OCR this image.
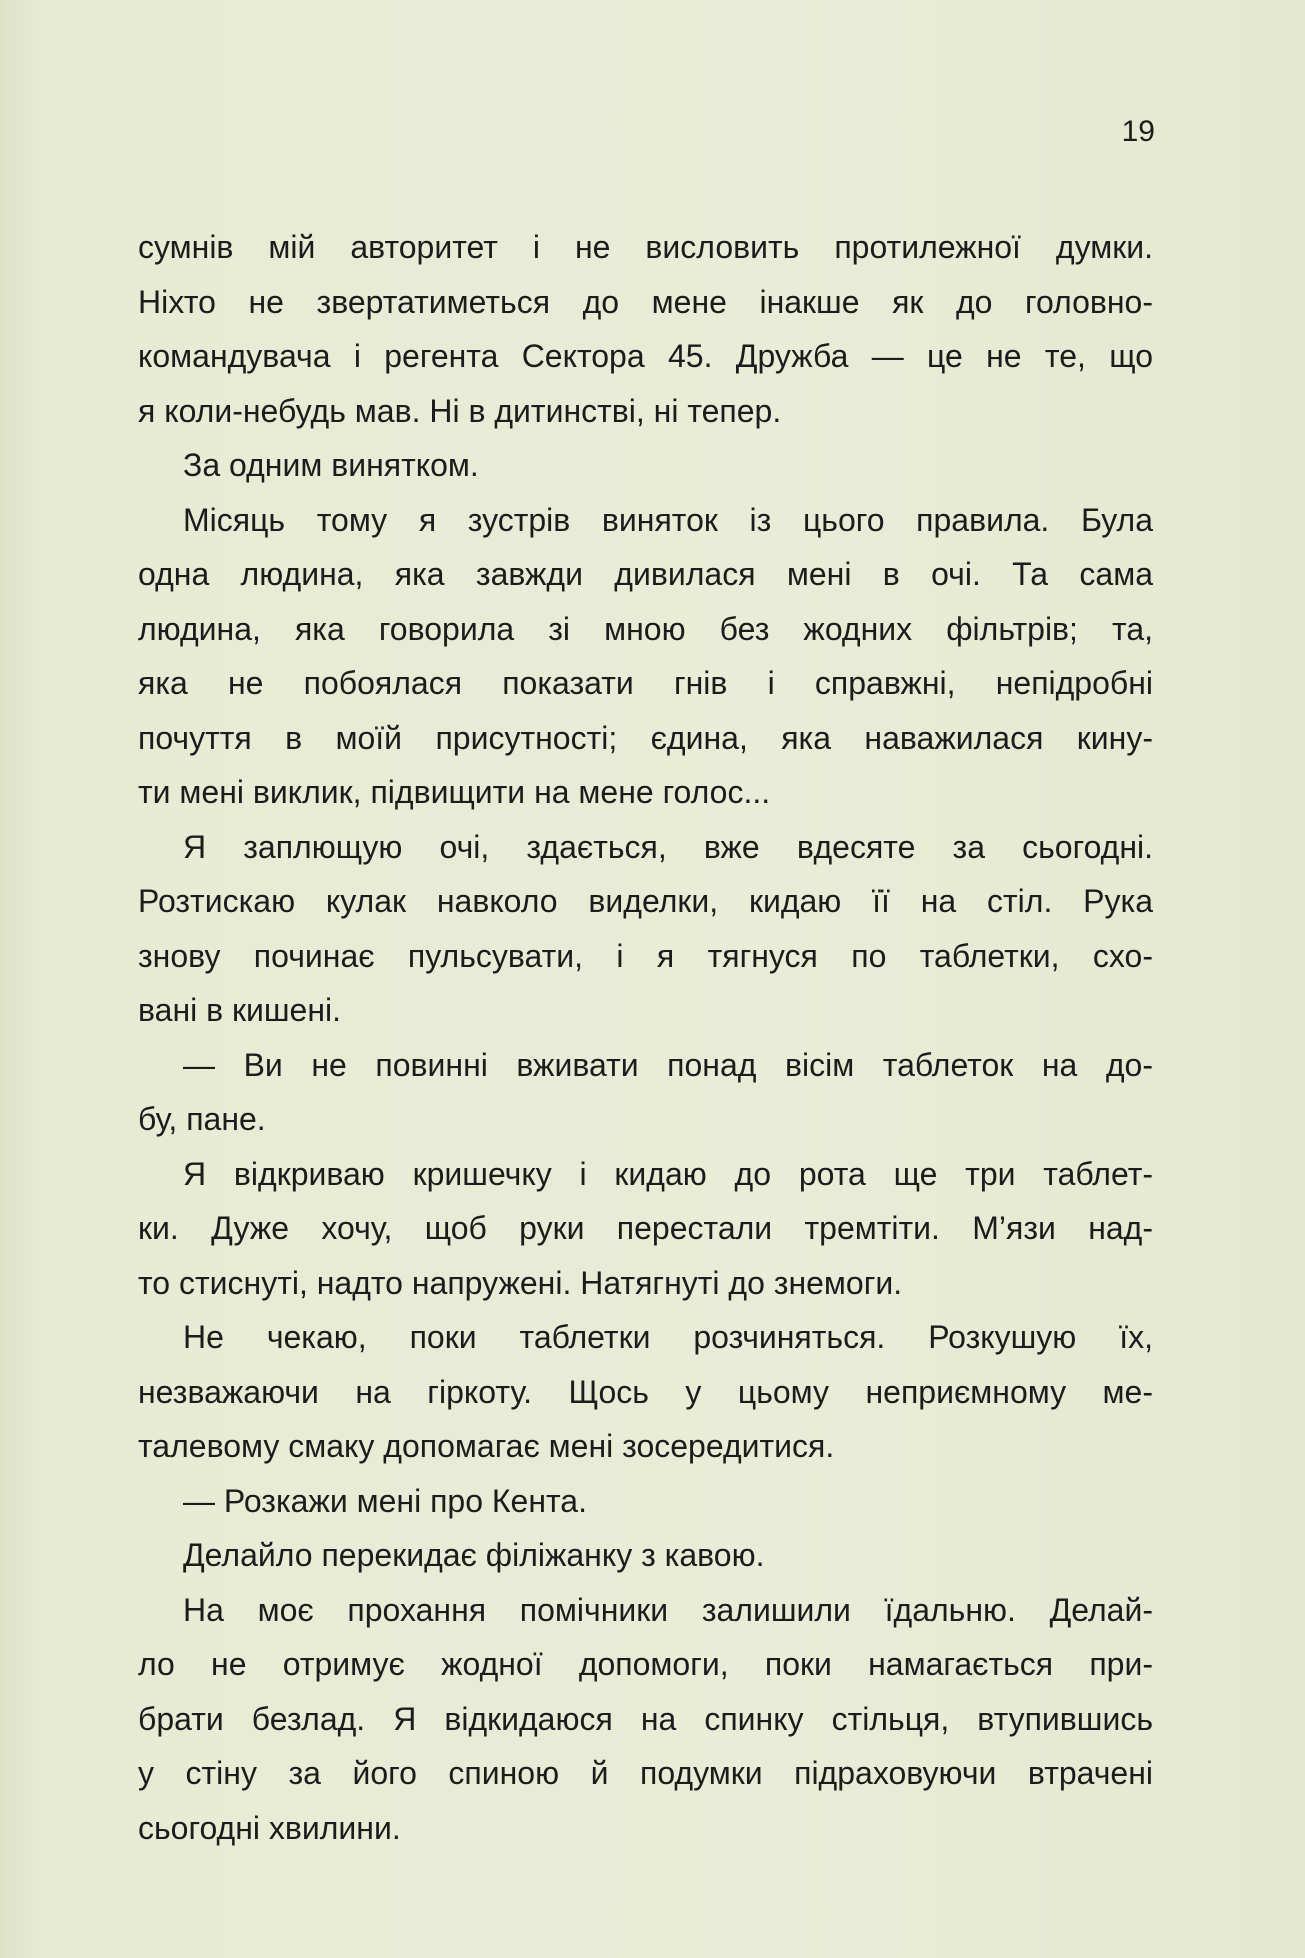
19
сумнів мій авторитет і не висловить протилежної думки.
Ніхто не звертатиметься до мене інакше як до головно-
командувача і регента Сектора 45. Дружба — це не те, що
я коли-небудь мав. Ні в дитинстві, ні тепер.
За одним винятком.
Місяць тому я зустрів виняток із цього правила. Була
одна людина, яка завжди дивилася мені в очі. Та сама
людина, яка говорила зі мною без жодних фільтрів; та,
яка не побоялася показати гнів і справжні, непідробні
почуття в моїй присутності; єдина, яка наважилася кину-
ти мені виклик, підвищити на мене голос...
Я заплющую очі, здається, вже вдесяте за сьогодні.
Розтискаю кулак навколо виделки, кидаю її на стіл. Рука
знову починає пульсувати, і я тягнуся по таблетки, схо-
вані в кишені.
— Ви не повинні вживати понад вісім таблеток на до-
бу, пане.
Я відкриваю кришечку і кидаю до рота ще три таблет-
ки. Дуже хочу, щоб руки перестали тремтіти. М’язи над-
то стиснуті, надто напружені. Натягнуті до знемоги.
Не чекаю, поки таблетки розчиняться. Розкушую їх,
незважаючи на гіркоту. Щось у цьому неприємному ме-
талевому смаку допомагає мені зосередитися.
— Розкажи мені про Кента.
Делайло перекидає філіжанку з кавою.
На моє прохання помічники залишили їдальню. Делай-
ло не отримує жодної допомоги, поки намагається при-
брати безлад. Я відкидаюся на спинку стільця, втупившись
у стіну за його спиною й подумки підраховуючи втрачені
сьогодні хвилини.
